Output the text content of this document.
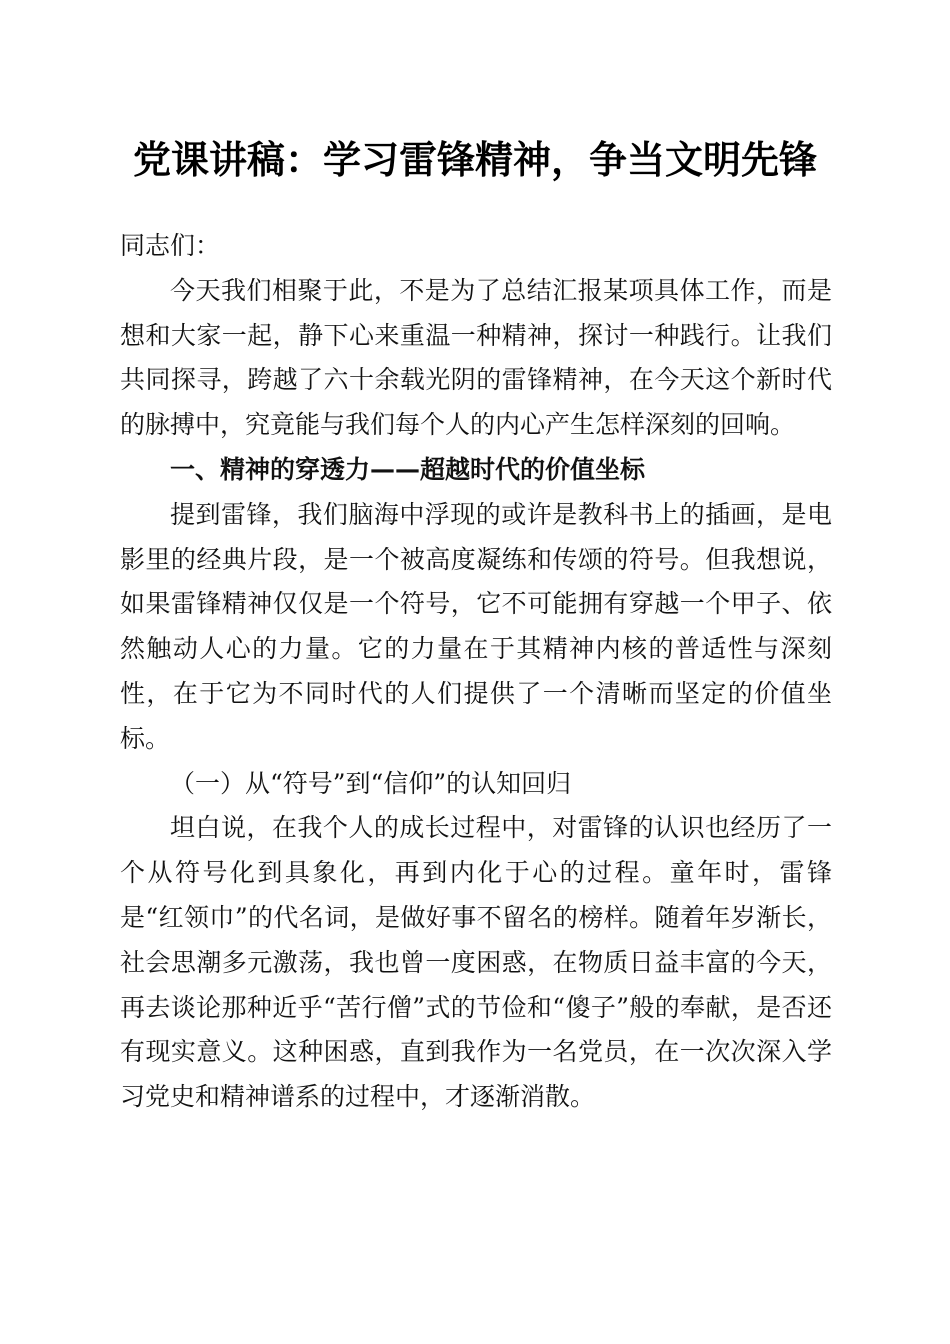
党课讲稿：学习雷锋精神，争当文明先锋

同志们：

今天我们相聚于此，不是为了总结汇报某项具体工作，而是想和大家一起，静下心来重温一种精神，探讨一种践行。让我们共同探寻，跨越了六十余载光阴的雷锋精神，在今天这个新时代的脉搏中，究竟能与我们每个人的内心产生怎样深刻的回响。

一、精神的穿透力——超越时代的价值坐标

提到雷锋，我们脑海中浮现的或许是教科书上的插画，是电影里的经典片段，是一个被高度凝练和传颂的符号。但我想说，如果雷锋精神仅仅是一个符号，它不可能拥有穿越一个甲子、依然触动人心的力量。它的力量在于其精神内核的普适性与深刻性，在于它为不同时代的人们提供了一个清晰而坚定的价值坐标。

（一）从“符号”到“信仰”的认知回归

坦白说，在我个人的成长过程中，对雷锋的认识也经历了一个从符号化到具象化，再到内化于心的过程。童年时，雷锋是“红领巾”的代名词，是做好事不留名的榜样。随着年岁渐长，社会思潮多元激荡，我也曾一度困惑，在物质日益丰富的今天，再去谈论那种近乎“苦行僧”式的节俭和“傻子”般的奉献，是否还有现实意义。这种困惑，直到我作为一名党员，在一次次深入学习党史和精神谱系的过程中，才逐渐消散。
